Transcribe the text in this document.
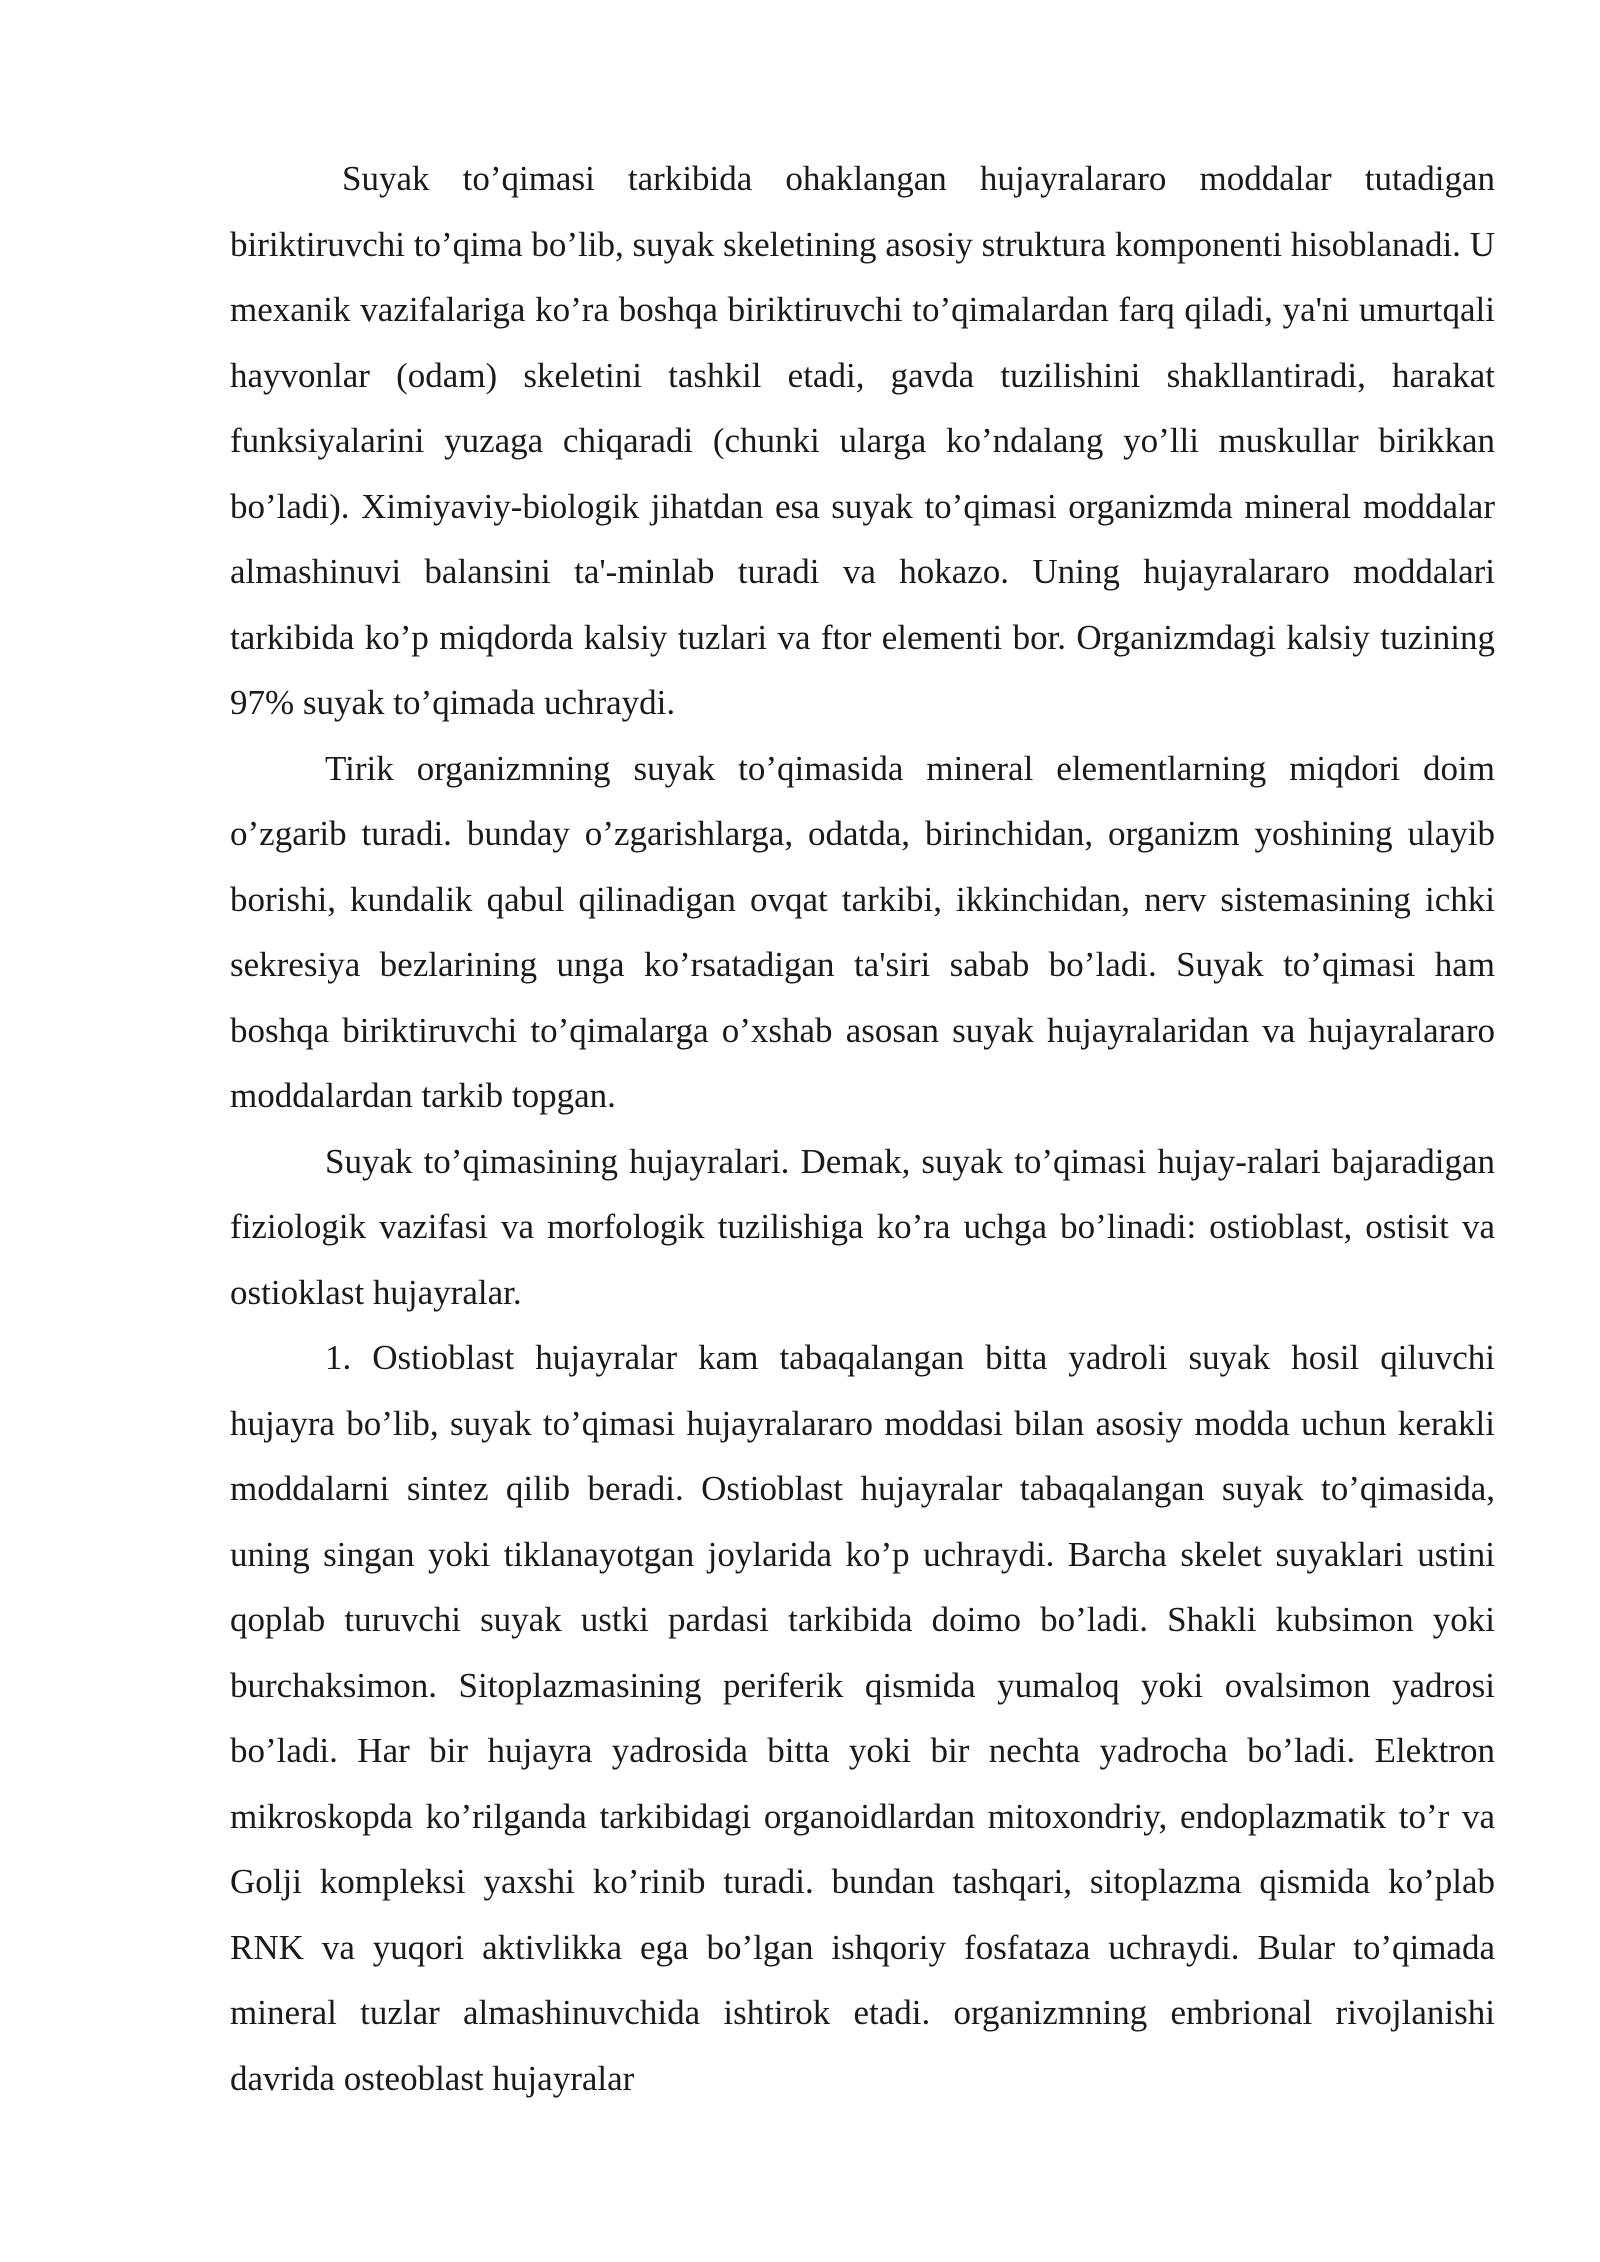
Suyak to’qimasi tarkibida ohaklangan hujayralararo moddalar tutadigan biriktiruvchi to’qima bo’lib, suyak skeletining asosiy struktura komponenti hisoblanadi. U mexanik vazifalariga ko’ra boshqa biriktiruvchi to’qimalardan farq qiladi, ya'ni umurtqali hayvonlar (odam) skeletini tashkil etadi, gavda tuzilishini shakllantiradi, harakat funksiyalarini yuzaga chiqaradi (chunki ularga ko’ndalang yo’lli muskullar birikkan bo’ladi). Ximiyaviy-biologik jihatdan esa suyak to’qimasi organizmda mineral moddalar almashinuvi balansini ta'-minlab turadi va hokazo. Uning hujayralararo moddalari tarkibida ko’p miqdorda kalsiy tuzlari va ftor elementi bor. Organizmdagi kalsiy tuzining 97% suyak to’qimada uchraydi.

Tirik organizmning suyak to’qimasida mineral elementlarning miqdori doim o’zgarib turadi. bunday o’zgarishlarga, odatda, birinchidan, organizm yoshining ulayib borishi, kundalik qabul qilinadigan ovqat tarkibi, ikkinchidan, nerv sistemasining ichki sekresiya bezlarining unga ko’rsatadigan ta'siri sabab bo’ladi. Suyak to’qimasi ham boshqa biriktiruvchi to’qimalarga o’xshab asosan suyak hujayralaridan va hujayralararo moddalardan tarkib topgan.

Suyak to’qimasining hujayralari. Demak, suyak to’qimasi hujay-ralari bajaradigan fiziologik vazifasi va morfologik tuzilishiga ko’ra uchga bo’linadi: ostioblast, ostisit va ostioklast hujayralar.

1. Ostioblast hujayralar kam tabaqalangan bitta yadroli suyak hosil qiluvchi hujayra bo’lib, suyak to’qimasi hujayralararo moddasi bilan asosiy modda uchun kerakli moddalarni sintez qilib beradi. Ostioblast hujayralar tabaqalangan suyak to’qimasida, uning singan yoki tiklanayotgan joylarida ko’p uchraydi. Barcha skelet suyaklari ustini qoplab turuvchi suyak ustki pardasi tarkibida doimo bo’ladi. Shakli kubsimon yoki burchaksimon. Sitoplazmasining periferik qismida yumaloq yoki ovalsimon yadrosi bo’ladi. Har bir hujayra yadrosida bitta yoki bir nechta yadrocha bo’ladi. Elektron mikroskopda ko’rilganda tarkibidagi organoidlardan mitoxondriy, endoplazmatik to’r va Golji kompleksi yaxshi ko’rinib turadi. bundan tashqari, sitoplazma qismida ko’plab RNK va yuqori aktivlikka ega bo’lgan ishqoriy fosfataza uchraydi. Bular to’qimada mineral tuzlar almashinuvchida ishtirok etadi. organizmning embrional rivojlanishi davrida osteoblast hujayralar
